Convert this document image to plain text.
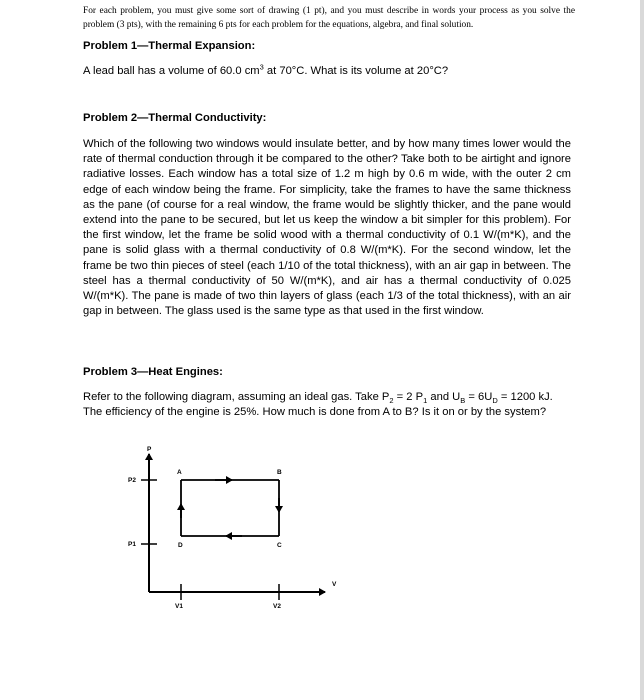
For each problem, you must give some sort of drawing (1 pt), and you must describe in words your process as you solve the problem (3 pts), with the remaining 6 pts for each problem for the equations, algebra, and final solution.
Problem 1—Thermal Expansion:
A lead ball has a volume of 60.0 $cm^3$ at 70°C. What is its volume at 20°C?
Problem 2—Thermal Conductivity:
Which of the following two windows would insulate better, and by how many times lower would the rate of thermal conduction through it be compared to the other? Take both to be airtight and ignore radiative losses. Each window has a total size of 1.2 m high by 0.6 m wide, with the outer 2 cm edge of each window being the frame. For simplicity, take the frames to have the same thickness as the pane (of course for a real window, the frame would be slightly thicker, and the pane would extend into the pane to be secured, but let us keep the window a bit simpler for this problem). For the first window, let the frame be solid wood with a thermal conductivity of 0.1 W/(m*K), and the pane is solid glass with a thermal conductivity of 0.8 W/(m*K). For the second window, let the frame be two thin pieces of steel (each 1/10 of the total thickness), with an air gap in between. The steel has a thermal conductivity of 50 W/(m*K), and air has a thermal conductivity of 0.025 W/(m*K). The pane is made of two thin layers of glass (each 1/3 of the total thickness), with an air gap in between. The glass used is the same type as that used in the first window.
Problem 3—Heat Engines:
Refer to the following diagram, assuming an ideal gas. Take $P_2 = 2$ $P_1$ and $U_B = 6U_D = 1200$ kJ.
The efficiency of the engine is 25%. How much is done from A to B? Is it on or by the system?
P
V
P2
P1
V1	V2
A	B
C
D
